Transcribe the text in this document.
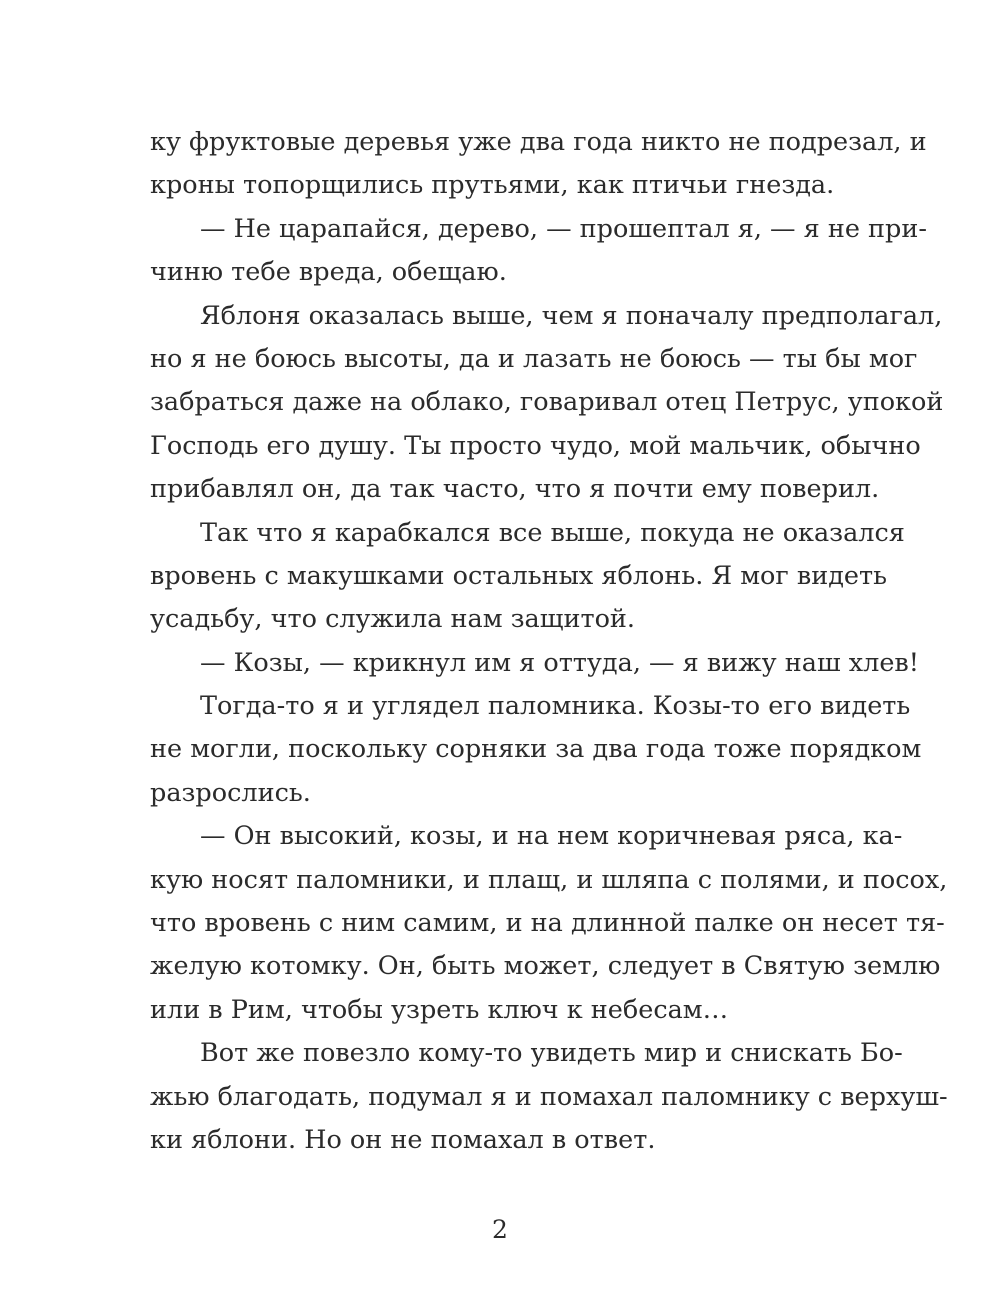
ку фруктовые деревья уже два года никто не подрезал, и
кроны топорщились прутьями, как птичьи гнезда.
— Не царапайся, дерево, — прошептал я, — я не при-
чиню тебе вреда, обещаю.
Яблоня оказалась выше, чем я поначалу предполагал,
но я не боюсь высоты, да и лазать не боюсь — ты бы мог
забраться даже на облако, говаривал отец Петрус, упокой
Господь его душу. Ты просто чудо, мой мальчик, обычно
прибавлял он, да так часто, что я почти ему поверил.
Так что я карабкался все выше, покуда не оказался
вровень с макушками остальных яблонь. Я мог видеть
усадьбу, что служила нам защитой.
— Козы, — крикнул им я оттуда, — я вижу наш хлев!
Тогда-то я и углядел паломника. Козы-то его видеть
не могли, поскольку сорняки за два года тоже порядком
разрослись.
— Он высокий, козы, и на нем коричневая ряса, ка-
кую носят паломники, и плащ, и шляпа с полями, и посох,
что вровень с ним самим, и на длинной палке он несет тя-
желую котомку. Он, быть может, следует в Святую землю
или в Рим, чтобы узреть ключ к небесам…
Вот же повезло кому-то увидеть мир и снискать Бо-
жью благодать, подумал я и помахал паломнику с верхуш-
ки яблони. Но он не помахал в ответ.
2
